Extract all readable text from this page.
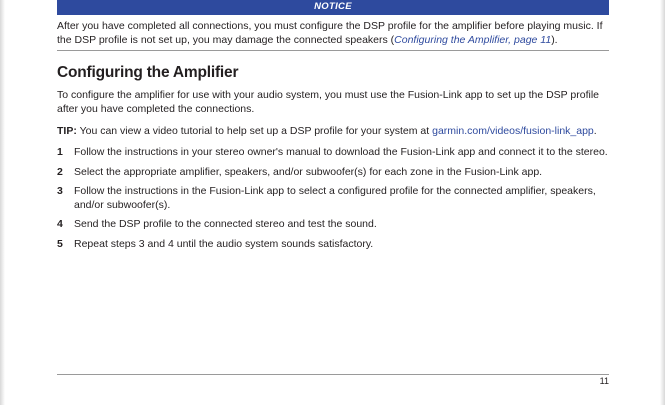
NOTICE
After you have completed all connections, you must configure the DSP profile for the amplifier before playing music. If the DSP profile is not set up, you may damage the connected speakers (Configuring the Amplifier, page 11).
Configuring the Amplifier

To configure the amplifier for use with your audio system, you must use the Fusion-Link app to set up the DSP profile after you have completed the connections.

TIP: You can view a video tutorial to help set up a DSP profile for your system at garmin.com/videos/fusion-link_app.

1	Follow the instructions in your stereo owner's manual to download the Fusion-Link app and connect it to the stereo.
2	Select the appropriate amplifier, speakers, and/or subwoofer(s) for each zone in the Fusion-Link app.
3	Follow the instructions in the Fusion-Link app to select a configured profile for the connected amplifier, speakers, and/or subwoofer(s).
4	Send the DSP profile to the connected stereo and test the sound.
5	Repeat steps 3 and 4 until the audio system sounds satisfactory.
11
